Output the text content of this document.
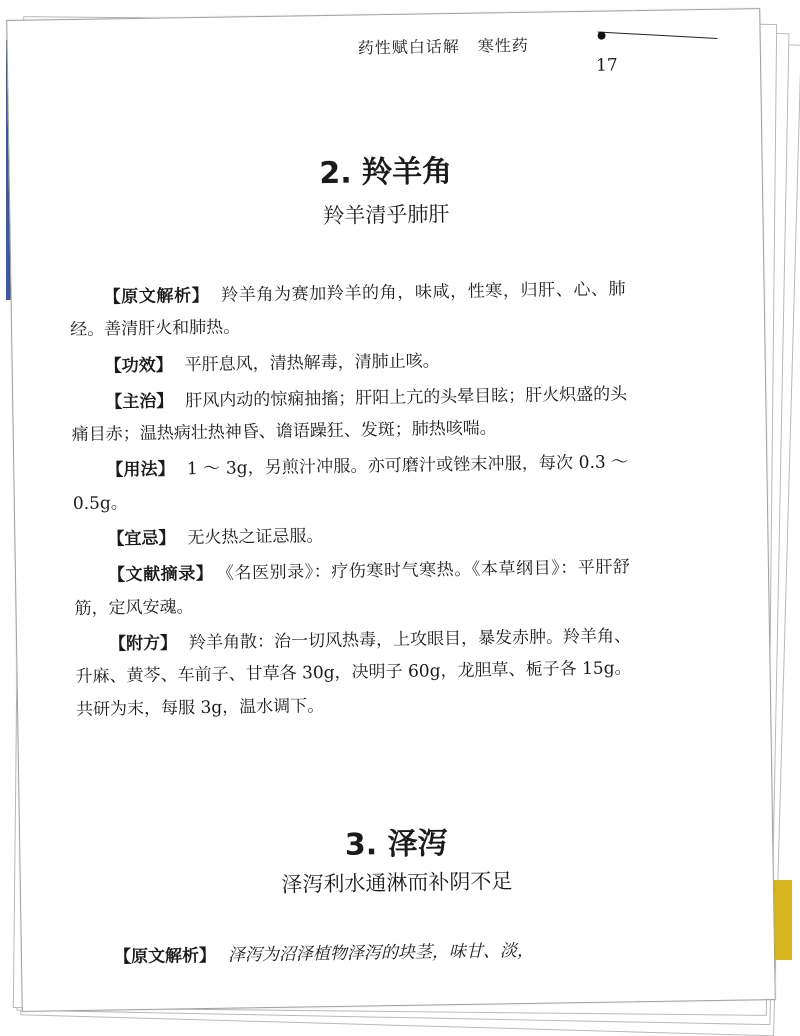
药性赋白话解 寒性药
17
2. 羚羊角
羚羊清乎肺肝

【原文解析】 羚羊角为赛加羚羊的角，味咸，性寒，归肝、心、肺经。善清肝火和肺热。

【功效】 平肝息风，清热解毒，清肺止咳。

【主治】 肝风内动的惊痫抽搐；肝阳上亢的头晕目眩；肝火炽盛的头痛目赤；温热病壮热神昏、谵语躁狂、发斑；肺热咳喘。

【用法】 1 ～ 3g，另煎汁冲服。亦可磨汁或锉末冲服，每次 0.3 ～ 0.5g。

【宜忌】 无火热之证忌服。

【文献摘录】 《名医别录》：疗伤寒时气寒热。《本草纲目》：平肝舒筋，定风安魂。

【附方】 羚羊角散：治一切风热毒，上攻眼目，暴发赤肿。羚羊角、升麻、黄芩、车前子、甘草各 30g，决明子 60g，龙胆草、栀子各 15g。共研为末，每服 3g，温水调下。

3. 泽泻
泽泻利水通淋而补阴不足

【原文解析】 泽泻为沼泽植物泽泻的块茎，味甘、淡，
